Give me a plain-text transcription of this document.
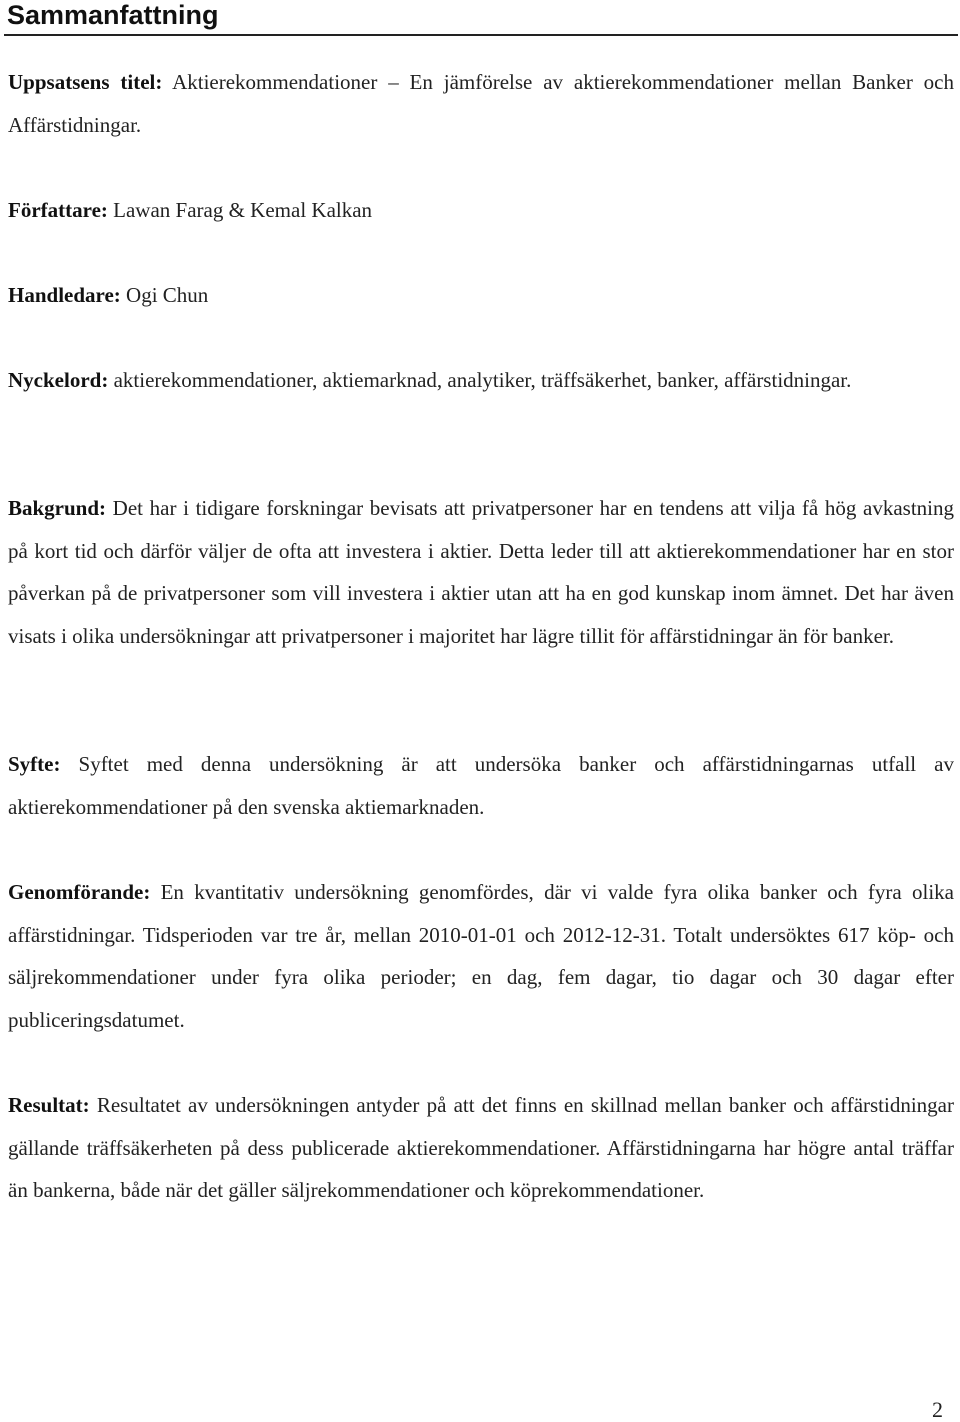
Sammanfattning

Uppsatsens titel: Aktierekommendationer – En jämförelse av aktierekommendationer mellan Banker och Affärstidningar.

Författare: Lawan Farag & Kemal Kalkan

Handledare: Ogi Chun

Nyckelord: aktierekommendationer, aktiemarknad, analytiker, träffsäkerhet, banker, affärstidningar.

Bakgrund: Det har i tidigare forskningar bevisats att privatpersoner har en tendens att vilja få hög avkastning på kort tid och därför väljer de ofta att investera i aktier. Detta leder till att aktierekommendationer har en stor påverkan på de privatpersoner som vill investera i aktier utan att ha en god kunskap inom ämnet. Det har även visats i olika undersökningar att privatpersoner i majoritet har lägre tillit för affärstidningar än för banker.

Syfte: Syftet med denna undersökning är att undersöka banker och affärstidningarnas utfall av aktierekommendationer på den svenska aktiemarknaden.

Genomförande: En kvantitativ undersökning genomfördes, där vi valde fyra olika banker och fyra olika affärstidningar. Tidsperioden var tre år, mellan 2010-01-01 och 2012-12-31. Totalt undersöktes 617 köp- och säljrekommendationer under fyra olika perioder; en dag, fem dagar, tio dagar och 30 dagar efter publiceringsdatumet.

Resultat: Resultatet av undersökningen antyder på att det finns en skillnad mellan banker och affärstidningar gällande träffsäkerheten på dess publicerade aktierekommendationer. Affärstidningarna har högre antal träffar än bankerna, både när det gäller säljrekommendationer och köprekommendationer.

2
